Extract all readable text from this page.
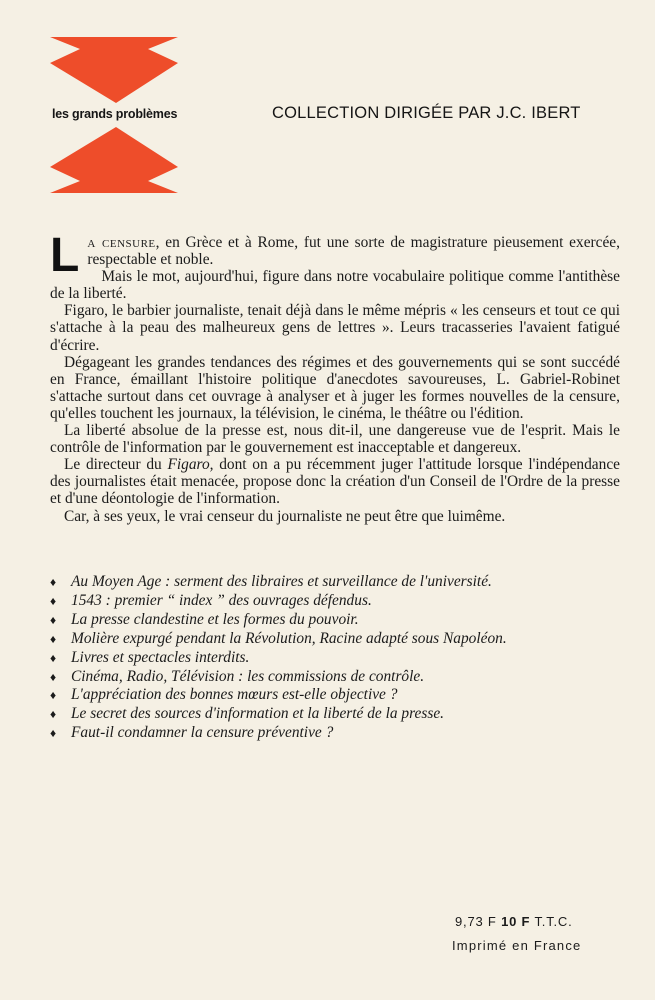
les grands problèmes	COLLECTION DIRIGÉE PAR J.C. IBERT

La censure, en Grèce et à Rome, fut une sorte de magistrature pieusement exercée, respectable et noble.

Mais le mot, aujourd'hui, figure dans notre vocabulaire politique comme l'antithèse de la liberté.

Figaro, le barbier journaliste, tenait déjà dans le même mépris « les censeurs et tout ce qui s'attache à la peau des malheureux gens de lettres ». Leurs tracasseries l'avaient fatigué d'écrire.

Dégageant les grandes tendances des régimes et des gouvernements qui se sont succédé en France, émaillant l'histoire politique d'anecdotes savoureuses, L. Gabriel-Robinet s'attache surtout dans cet ouvrage à analyser et à juger les formes nouvelles de la censure, qu'elles touchent les journaux, la télévision, le cinéma, le théâtre ou l'édition.

La liberté absolue de la presse est, nous dit-il, une dangereuse vue de l'esprit. Mais le contrôle de l'information par le gouvernement est inacceptable et dangereux.

Le directeur du Figaro, dont on a pu récemment juger l'attitude lorsque l'indépendance des journalistes était menacée, propose donc la création d'un Conseil de l'Ordre de la presse et d'une déontologie de l'information.

Car, à ses yeux, le vrai censeur du journaliste ne peut être que luimême.

♦ Au Moyen Age : serment des libraires et surveillance de l'université.
♦ 1543 : premier “ index ” des ouvrages défendus.
♦ La presse clandestine et les formes du pouvoir.
♦ Molière expurgé pendant la Révolution, Racine adapté sous Napoléon.
♦ Livres et spectacles interdits.
♦ Cinéma, Radio, Télévision : les commissions de contrôle.
♦ L'appréciation des bonnes mœurs est-elle objective ?
♦ Le secret des sources d'information et la liberté de la presse.
♦ Faut-il condamner la censure préventive ?
9,73 F 10 F T.T.C.
Imprimé en France
